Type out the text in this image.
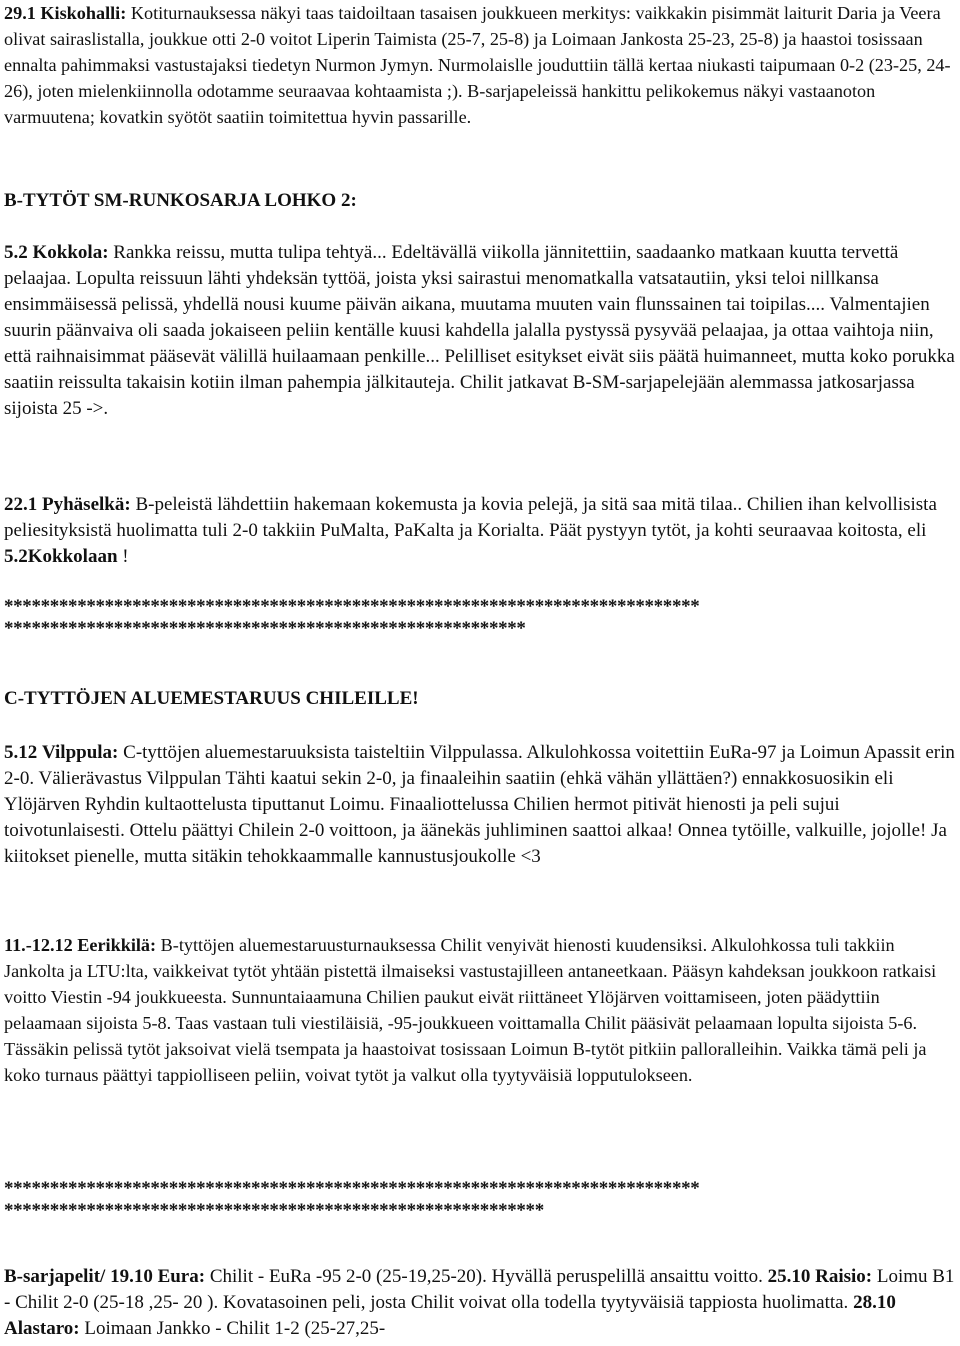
29.1 Kiskohalli: Kotiturnauksessa näkyi taas taidoiltaan tasaisen joukkueen merkitys: vaikkakin pisimmät laiturit Daria ja Veera olivat sairaslistalla, joukkue otti 2-0 voitot Liperin Taimista (25-7, 25-8) ja Loimaan Jankosta 25-23, 25-8) ja haastoi tosissaan ennalta pahimmaksi vastustajaksi tiedetyn Nurmon Jymyn. Nurmolaislle jouduttiin tällä kertaa niukasti taipumaan 0-2 (23-25, 24-26), joten mielenkiinnolla odotamme seuraavaa kohtaamista ;). B-sarjapeleissä hankittu pelikokemus näkyi vastaanoton varmuutena; kovatkin syötöt saatiin toimitettua hyvin passarille.

B-TYTÖT SM-RUNKOSARJA LOHKO 2:

5.2 Kokkola: Rankka reissu, mutta tulipa tehtyä... Edeltävällä viikolla jännitettiin, saadaanko matkaan kuutta tervettä pelaajaa. Lopulta reissuun lähti yhdeksän tyttöä, joista yksi sairastui menomatkalla vatsatautiin, yksi teloi nillkansa ensimmäisessä pelissä, yhdellä nousi kuume päivän aikana, muutama muuten vain flunssainen tai toipilas.... Valmentajien suurin päänvaiva oli saada jokaiseen peliin kentälle kuusi kahdella jalalla pystyssä pysyvää pelaajaa, ja ottaa vaihtoja niin, että raihnaisimmat pääsevät välillä huilaamaan penkille... Pelilliset esitykset eivät siis päätä huimanneet, mutta koko porukka saatiin reissulta takaisin kotiin ilman pahempia jälkitauteja. Chilit jatkavat B-SM-sarjapelejään alemmassa jatkosarjassa sijoista 25 ->.

22.1 Pyhäselkä: B-peleistä lähdettiin hakemaan kokemusta ja kovia pelejä, ja sitä saa mitä tilaa.. Chilien ihan kelvollisista peliesityksistä huolimatta tuli 2-0 takkiin PuMalta, PaKalta ja Korialta. Päät pystyyn tytöt, ja kohti seuraavaa koitosta, eli 5.2Kokkolaan !

****************************************************************************
*********************************************************

C-TYTTÖJEN ALUEMESTARUUS CHILEILLE!

5.12 Vilppula: C-tyttöjen aluemestaruuksista taisteltiin Vilppulassa. Alkulohkossa voitettiin EuRa-97 ja Loimun Apassit erin 2-0. Välierävastus Vilppulan Tähti kaatui sekin 2-0, ja finaaleihin saatiin (ehkä vähän yllättäen?) ennakkosuosikin eli Ylöjärven Ryhdin kultaottelusta tiputtanut Loimu. Finaaliottelussa Chilien hermot pitivät hienosti ja peli sujui toivotunlaisesti. Ottelu päättyi Chilein 2-0 voittoon, ja äänekäs juhliminen saattoi alkaa! Onnea tytöille, valkuille, jojolle! Ja kiitokset pienelle, mutta sitäkin tehokkaammalle kannustusjoukolle <3

11.-12.12 Eerikkilä: B-tyttöjen aluemestaruusturnauksessa Chilit venyivät hienosti kuudensiksi. Alkulohkossa tuli takkiin Jankolta ja LTU:lta, vaikkeivat tytöt yhtään pistettä ilmaiseksi vastustajilleen antaneetkaan. Pääsyn kahdeksan joukkoon ratkaisi voitto Viestin -94 joukkueesta. Sunnuntaiaamuna Chilien paukut eivät riittäneet Ylöjärven voittamiseen, joten päädyttiin pelaamaan sijoista 5-8. Taas vastaan tuli viestiläisiä, -95-joukkueen voittamalla Chilit pääsivät pelaamaan lopulta sijoista 5-6. Tässäkin pelissä tytöt jaksoivat vielä tsempata ja haastoivat tosissaan Loimun B-tytöt pitkiin palloralleihin. Vaikka tämä peli ja koko turnaus päättyi tappiolliseen peliin, voivat tytöt ja valkut olla tyytyväisiä lopputulokseen.

****************************************************************************
***********************************************************

B-sarjapelit/ 19.10 Eura: Chilit - EuRa -95 2-0 (25-19,25-20). Hyvällä peruspelillä ansaittu voitto. 25.10 Raisio: Loimu B1 - Chilit 2-0 (25-18 ,25- 20 ). Kovatasoinen peli, josta Chilit voivat olla todella tyytyväisiä tappiosta huolimatta. 28.10 Alastaro: Loimaan Jankko - Chilit 1-2 (25-27,25-
